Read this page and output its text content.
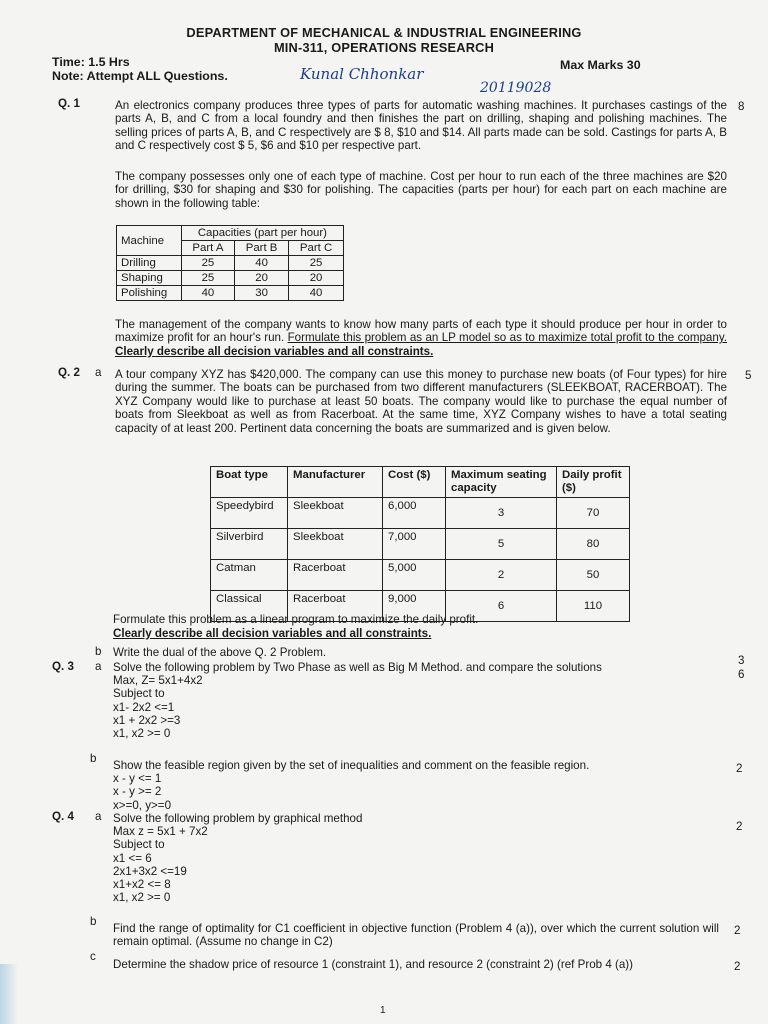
DEPARTMENT OF MECHANICAL & INDUSTRIAL ENGINEERING
MIN-311, OPERATIONS RESEARCH
Time: 1.5 Hrs
Note: Attempt ALL Questions.
Max Marks 30
Kunal Chhonkar
20119028
Q. 1	8
An electronics company produces three types of parts for automatic washing machines. It purchases castings of the parts A, B, and C from a local foundry and then finishes the part on drilling, shaping and polishing machines. The selling prices of parts A, B, and C respectively are $ 8, $10 and $14. All parts made can be sold. Castings for parts A, B and C respectively cost $ 5, $6 and $10 per respective part.
The company possesses only one of each type of machine. Cost per hour to run each of the three machines are $20 for drilling, $30 for shaping and $30 for polishing. The capacities (parts per hour) for each part on each machine are shown in the following table:
Machine	Capacities (part per hour)		
	Part A	Part B	Part C
Drilling	25	40	25
Shaping	25	20	20
Polishing	40	30	40
The management of the company wants to know how many parts of each type it should produce per hour in order to maximize profit for an hour's run. Formulate this problem as an LP model so as to maximize total profit to the company. Clearly describe all decision variables and all constraints.
Q. 2 a	5
A tour company XYZ has $420,000. The company can use this money to purchase new boats (of Four types) for hire during the summer. The boats can be purchased from two different manufacturers (SLEEKBOAT, RACERBOAT). The XYZ Company would like to purchase at least 50 boats. The company would like to purchase the equal number of boats from Sleekboat as well as from Racerboat. At the same time, XYZ Company wishes to have a total seating capacity of at least 200. Pertinent data concerning the boats are summarized and is given below.
Boat type	Manufacturer	Cost ($)	Maximum seating capacity	Daily profit ($)
Speedybird	Sleekboat	6,000	3	70
Silverbird	Sleekboat	7,000	5	80
Catman	Racerboat	5,000	2	50
Classical	Racerboat	9,000	6	110
Formulate this problem as a linear program to maximize the daily profit.
Clearly describe all decision variables and all constraints.
b Write the dual of the above Q. 2 Problem.
3
Q. 3 a
6
Solve the following problem by Two Phase as well as Big M Method. and compare the solutions
Max, Z= 5x1+4x2
Subject to
x1- 2x2 <=1
x1 + 2x2 >=3
x1, x2 >= 0
b
2
Show the feasible region given by the set of inequalities and comment on the feasible region.
x - y <= 1
x - y >= 2
x>=0, y>=0
Q. 4 a
2
Solve the following problem by graphical method
Max z = 5x1 + 7x2
Subject to
x1 <= 6
2x1+3x2 <=19
x1+x2 <= 8
x1, x2 >= 0
b
Find the range of optimality for C1 coefficient in objective function (Problem 4 (a)), over which the current solution will remain optimal. (Assume no change in C2)
2
c
Determine the shadow price of resource 1 (constraint 1), and resource 2 (constraint 2) (ref Prob 4 (a))	2
1
